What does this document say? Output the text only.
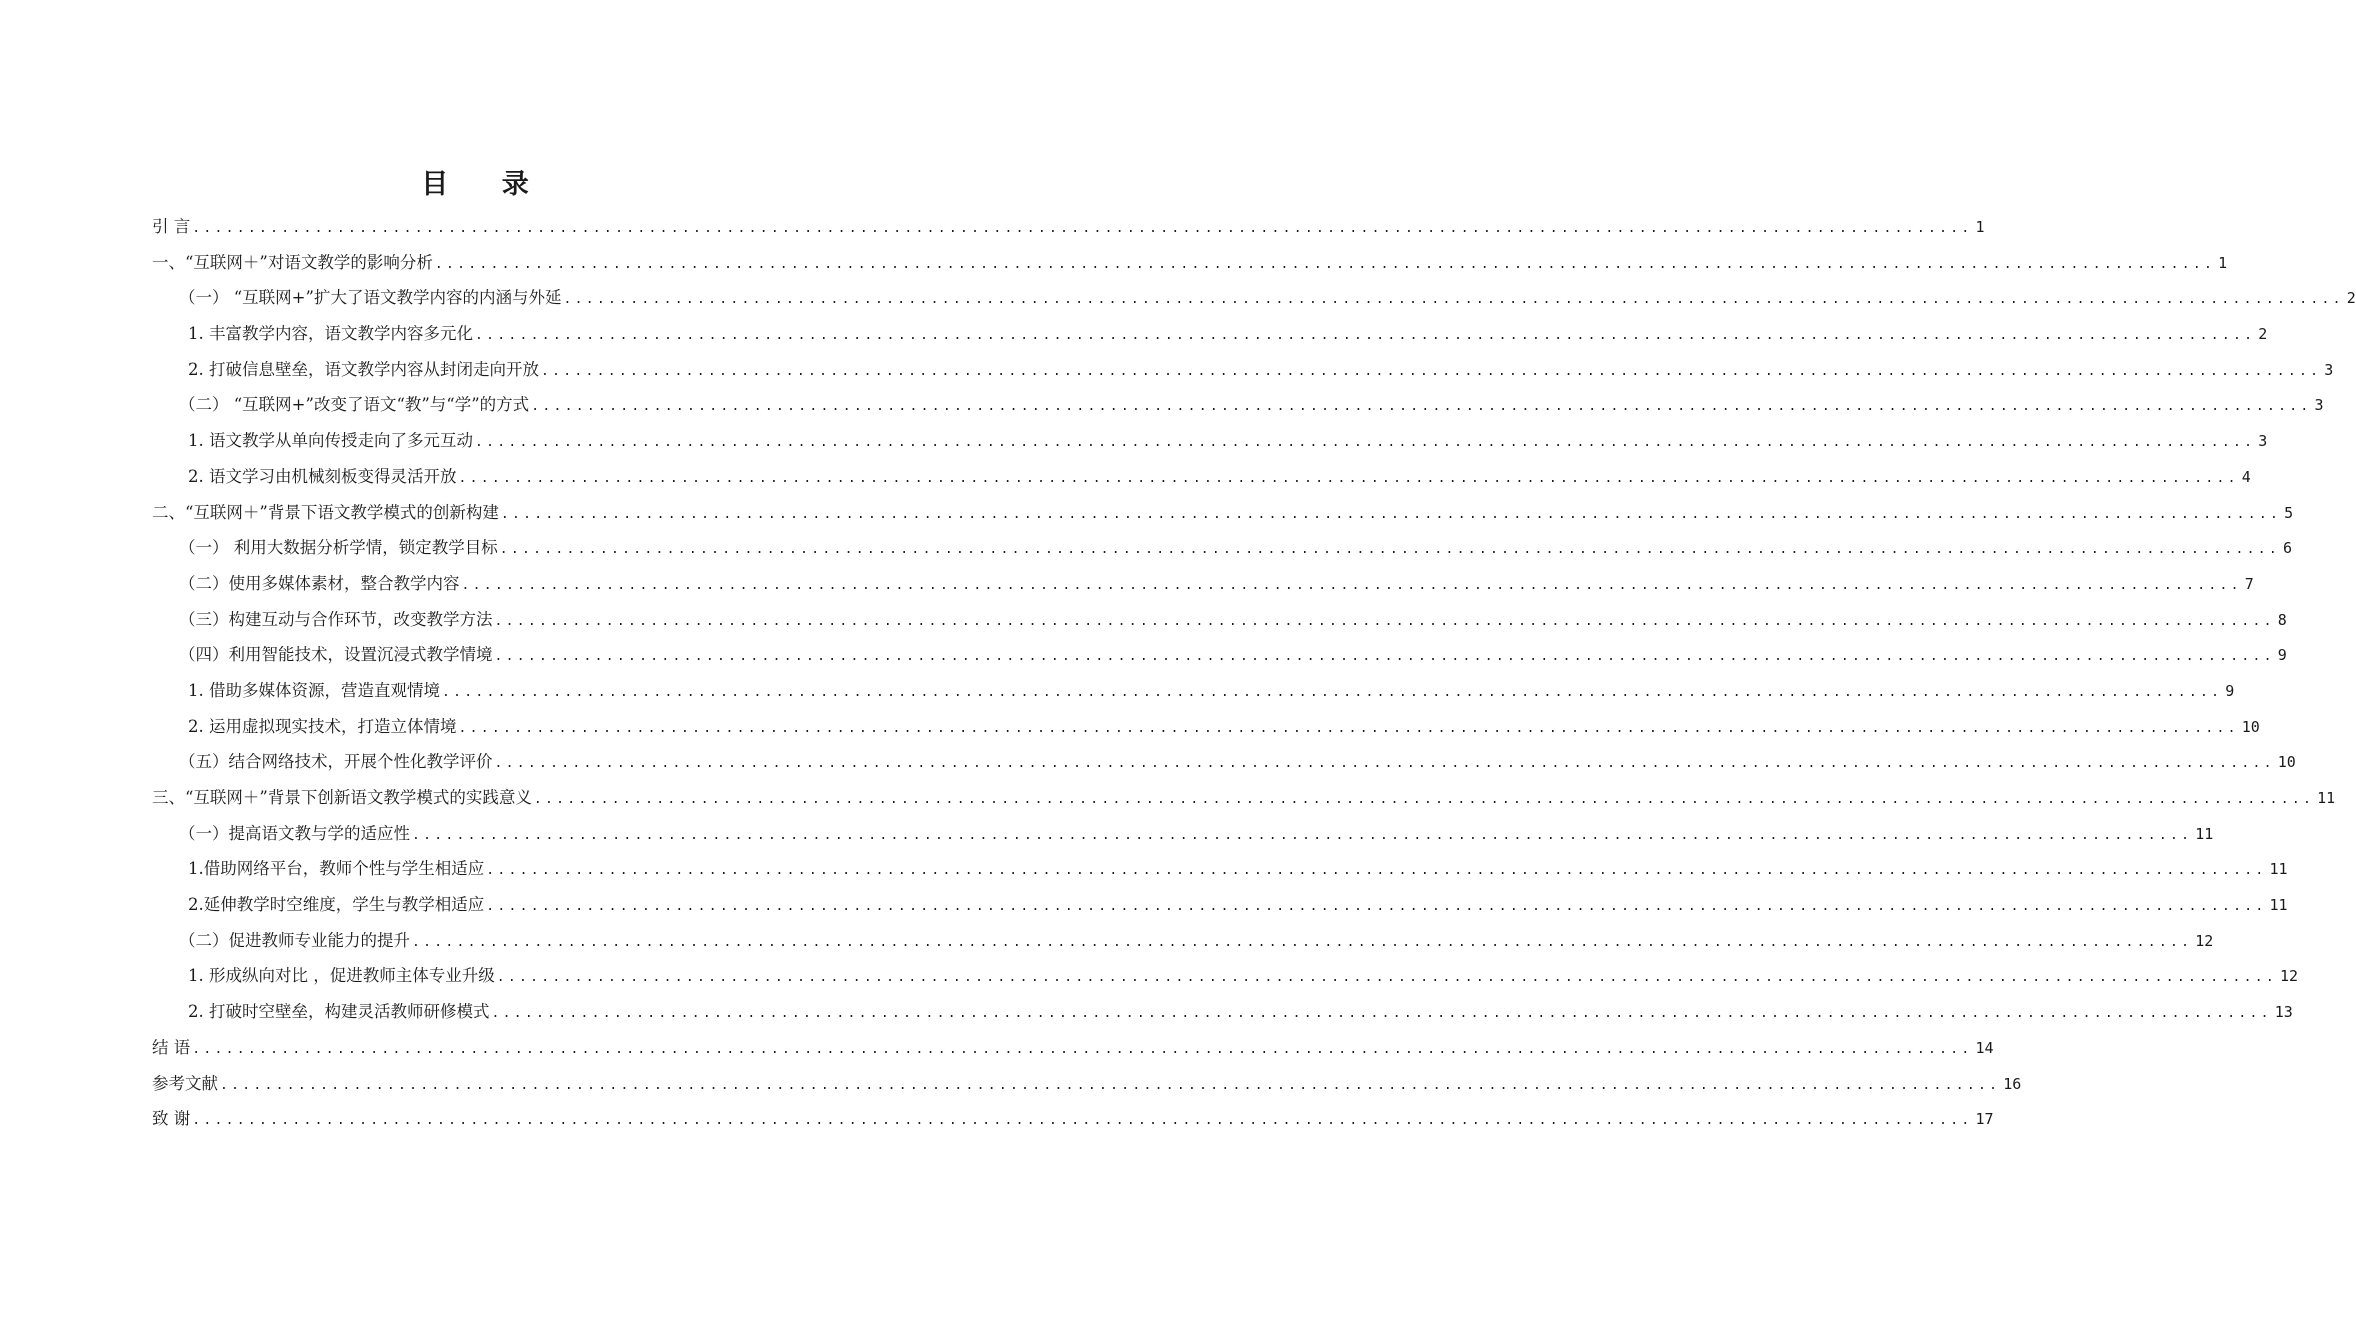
目 录
引 言 ................................................................................................................................................................ 1
一、“互联网＋”对语文教学的影响分析 ................................................................................................................................................................ 1
（一） “互联网+”扩大了语文教学内容的内涵与外延 ................................................................................................................................................................ 2
1. 丰富教学内容，语文教学内容多元化 ................................................................................................................................................................ 2
2. 打破信息壁垒，语文教学内容从封闭走向开放 ................................................................................................................................................................ 3
（二） “互联网+”改变了语文“教”与“学”的方式 ................................................................................................................................................................ 3
1. 语文教学从单向传授走向了多元互动 ................................................................................................................................................................ 3
2. 语文学习由机械刻板变得灵活开放 ................................................................................................................................................................ 4
二、“互联网＋”背景下语文教学模式的创新构建 ................................................................................................................................................................ 5
（一） 利用大数据分析学情，锁定教学目标 ................................................................................................................................................................ 6
（二）使用多媒体素材，整合教学内容 ................................................................................................................................................................ 7
（三）构建互动与合作环节，改变教学方法 ................................................................................................................................................................ 8
（四）利用智能技术，设置沉浸式教学情境 ................................................................................................................................................................ 9
1. 借助多媒体资源，营造直观情境 ................................................................................................................................................................ 9
2. 运用虚拟现实技术，打造立体情境 ................................................................................................................................................................ 10
（五）结合网络技术，开展个性化教学评价 ................................................................................................................................................................ 10
三、“互联网＋”背景下创新语文教学模式的实践意义 ................................................................................................................................................................ 11
（一）提高语文教与学的适应性 ................................................................................................................................................................ 11
1.借助网络平台，教师个性与学生相适应 ................................................................................................................................................................ 11
2.延伸教学时空维度，学生与教学相适应 ................................................................................................................................................................ 11
（二）促进教师专业能力的提升 ................................................................................................................................................................ 12
1. 形成纵向对比 ，促进教师主体专业升级 ................................................................................................................................................................ 12
2. 打破时空壁垒，构建灵活教师研修模式 ................................................................................................................................................................ 13
结 语 ................................................................................................................................................................ 14
参考文献 ................................................................................................................................................................ 16
致 谢 ................................................................................................................................................................ 17
